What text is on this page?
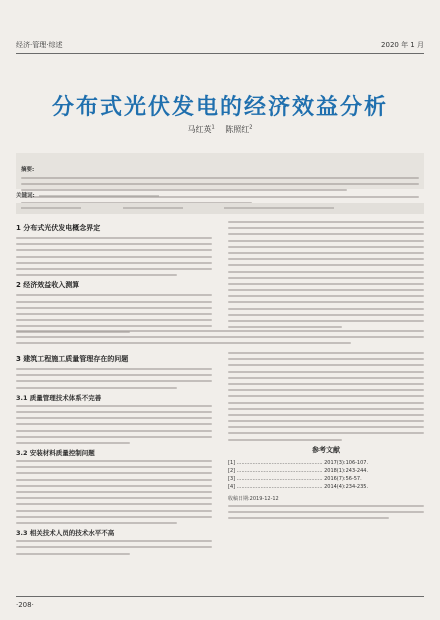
经济·管理·综述	2020 年 1 月
分布式光伏发电的经济效益分析
马红英$^1$ 陈照红$^2$
摘要:
关键词:

1 分布式光伏发电概念界定
2 经济效益收入测算
3 建筑工程施工质量管理存在的问题
3.1 质量管理技术体系不完善
3.2 安装材料质量控制问题
3.3 相关技术人员的技术水平不高
参考文献
[1] ...................................................... 2017(3):106-107.
[2] ...................................................... 2018(1):243-244.
[3] ...................................................... 2016(7):56-57.
[4] ...................................................... 2014(4):234-235.
收稿日期:2019-12-12
·208·
